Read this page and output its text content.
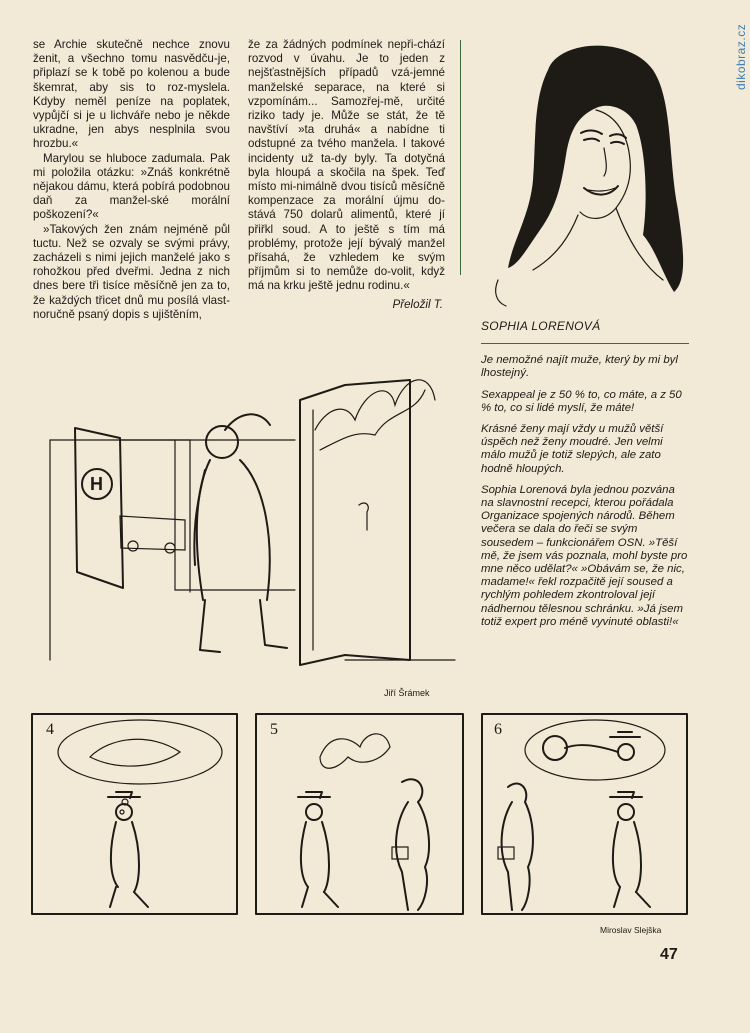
dikobraz.cz

se Archie skutečně nechce znovu ženit, a všechno tomu nasvědču-je, připlazí se k tobě po kolenou a bude škemrat, aby sis to roz-myslela. Kdyby neměl peníze na poplatek, vypůjčí si je u lichváře nebo je někde ukradne, jen abys nesplnila svou hrozbu.«

Marylou se hluboce zadumala. Pak mi položila otázku: »Znáš konkrétně nějakou dámu, která pobírá podobnou daň za manžel-ské morální poškození?«

»Takových žen znám nejméně půl tuctu. Než se ozvaly se svými právy, zacházeli s nimi jejich manželé jako s rohožkou před dveřmi. Jedna z nich dnes bere tři tisíce měsíčně jen za to, že každých třicet dnů mu posílá vlast-noručně psaný dopis s ujištěním,

že za žádných podmínek nepři-chází rozvod v úvahu. Je to jeden z nejšťastnějších případů vzá-jemné manželské separace, na které si vzpomínám... Samozřej-mě, určité riziko tady je. Může se stát, že tě navštíví »ta druhá« a nabídne ti odstupné za tvého manžela. I takové incidenty už ta-dy byly. Ta dotyčná byla hloupá a skočila na špek. Teď místo mi-nimálně dvou tisíců měsíčně kompenzace za morální újmu do-stává 750 dolarů alimentů, které jí přiřkl soud. A to ještě s tím má problémy, protože její bývalý manžel přísahá, že vzhledem ke svým příjmům si to nemůže do-volit, když má na krku ještě jednu rodinu.«

Přeložil T.
SOPHIA LORENOVÁ

Je nemožné najít muže, který by mi byl lhostejný.

Sexappeal je z 50 % to, co máte, a z 50 % to, co si lidé myslí, že máte!

Krásné ženy mají vždy u mužů větší úspěch než ženy moudré. Jen velmi málo mužů je totiž slepých, ale zato hodně hloupých.

Sophia Lorenová byla jednou pozvána na slavnostní recepci, kterou pořádala Organizace spojených národů. Během večera se dala do řeči se svým sousedem – funkcionářem OSN. »Těší mě, že jsem vás poznala, mohl byste pro mne něco udělat?« »Obávám se, že nic, madame!« řekl rozpačitě její soused a rychlým pohledem zkontroloval její nádhernou tělesnou schránku. »Já jsem totiž expert pro méně vyvinuté oblasti!«

H
Jiří Šrámek
4	5	6
Miroslav Slejška
47
